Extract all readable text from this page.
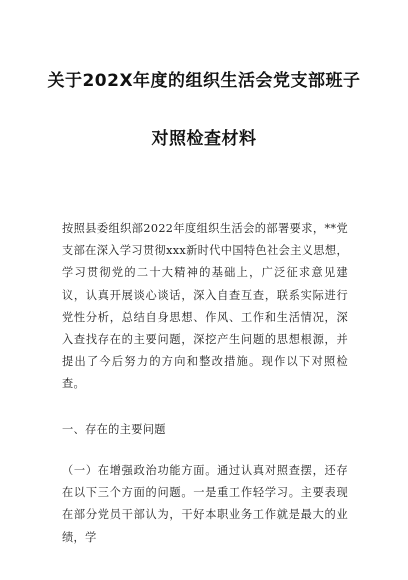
关于202X年度的组织生活会党支部班子
对照检查材料

按照县委组织部2022年度组织生活会的部署要求，**党支部在深入学习贯彻xxx新时代中国特色社会主义思想，学习贯彻党的二十大精神的基础上，广泛征求意见建议，认真开展谈心谈话，深入自查互查，联系实际进行党性分析，总结自身思想、作风、工作和生活情况，深入查找存在的主要问题，深挖产生问题的思想根源，并提出了今后努力的方向和整改措施。现作以下对照检查。

一、存在的主要问题

（一）在增强政治功能方面。通过认真对照查摆，还存在以下三个方面的问题。一是重工作轻学习。主要表现在部分党员干部认为，干好本职业务工作就是最大的业绩，学
